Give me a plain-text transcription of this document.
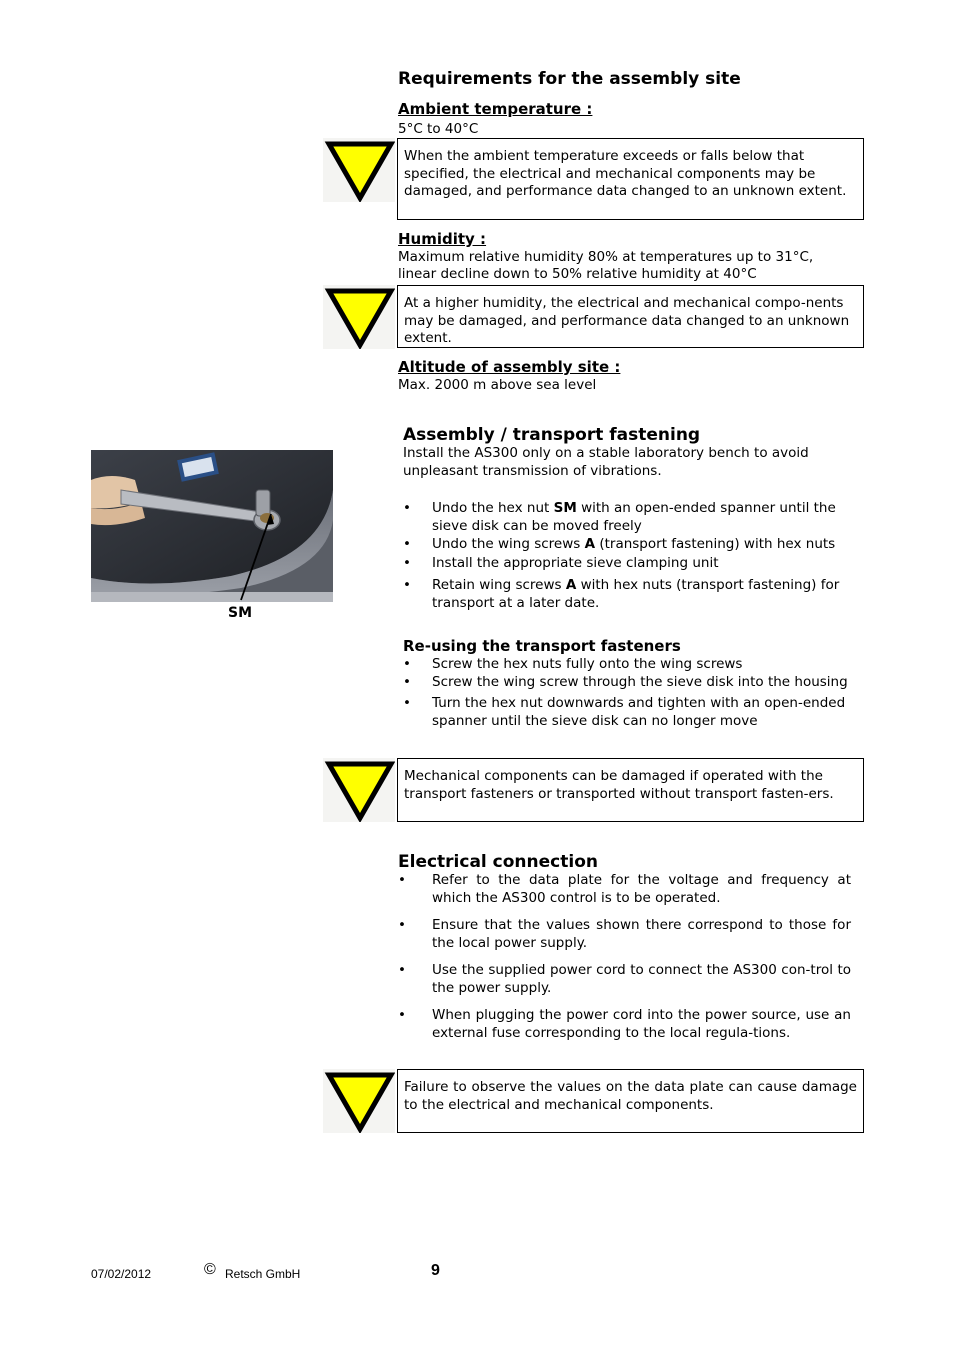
Requirements for the assembly site
Ambient temperature :
5°C to 40°C
When the ambient temperature exceeds or falls below that specified, the electrical and mechanical components may be damaged, and performance data changed to an unknown extent.
Humidity :
Maximum relative humidity 80% at temperatures up to 31°C,
linear decline down to 50% relative humidity at 40°C
At a higher humidity, the electrical and mechanical compo-nents may be damaged, and performance data changed to an unknown extent.
Altitude of assembly site :
Max. 2000 m above sea level
Assembly / transport fastening
Install the AS300 only on a stable laboratory bench to avoid unpleasant transmission of vibrations.
SM
• Undo the hex nut SM with an open-ended spanner until the sieve disk can be moved freely
• Undo the wing screws A (transport fastening) with hex nuts
• Install the appropriate sieve clamping unit
• Retain wing screws A with hex nuts (transport fastening) for transport at a later date.
Re-using the transport fasteners
• Screw the hex nuts fully onto the wing screws
• Screw the wing screw through the sieve disk into the housing
• Turn the hex nut downwards and tighten with an open-ended spanner until the sieve disk can no longer move
Mechanical components can be damaged if operated with the transport fasteners or transported without transport fasten-ers.
Electrical connection
• Refer to the data plate for the voltage and frequency at which the AS300 control is to be operated.
• Ensure that the values shown there correspond to those for the local power supply.
• Use the supplied power cord to connect the AS300 con-trol to the power supply.
• When plugging the power cord into the power source, use an external fuse corresponding to the local regula-tions.
Failure to observe the values on the data plate can cause damage to the electrical and mechanical components.
07/02/2012	© Retsch GmbH	9
